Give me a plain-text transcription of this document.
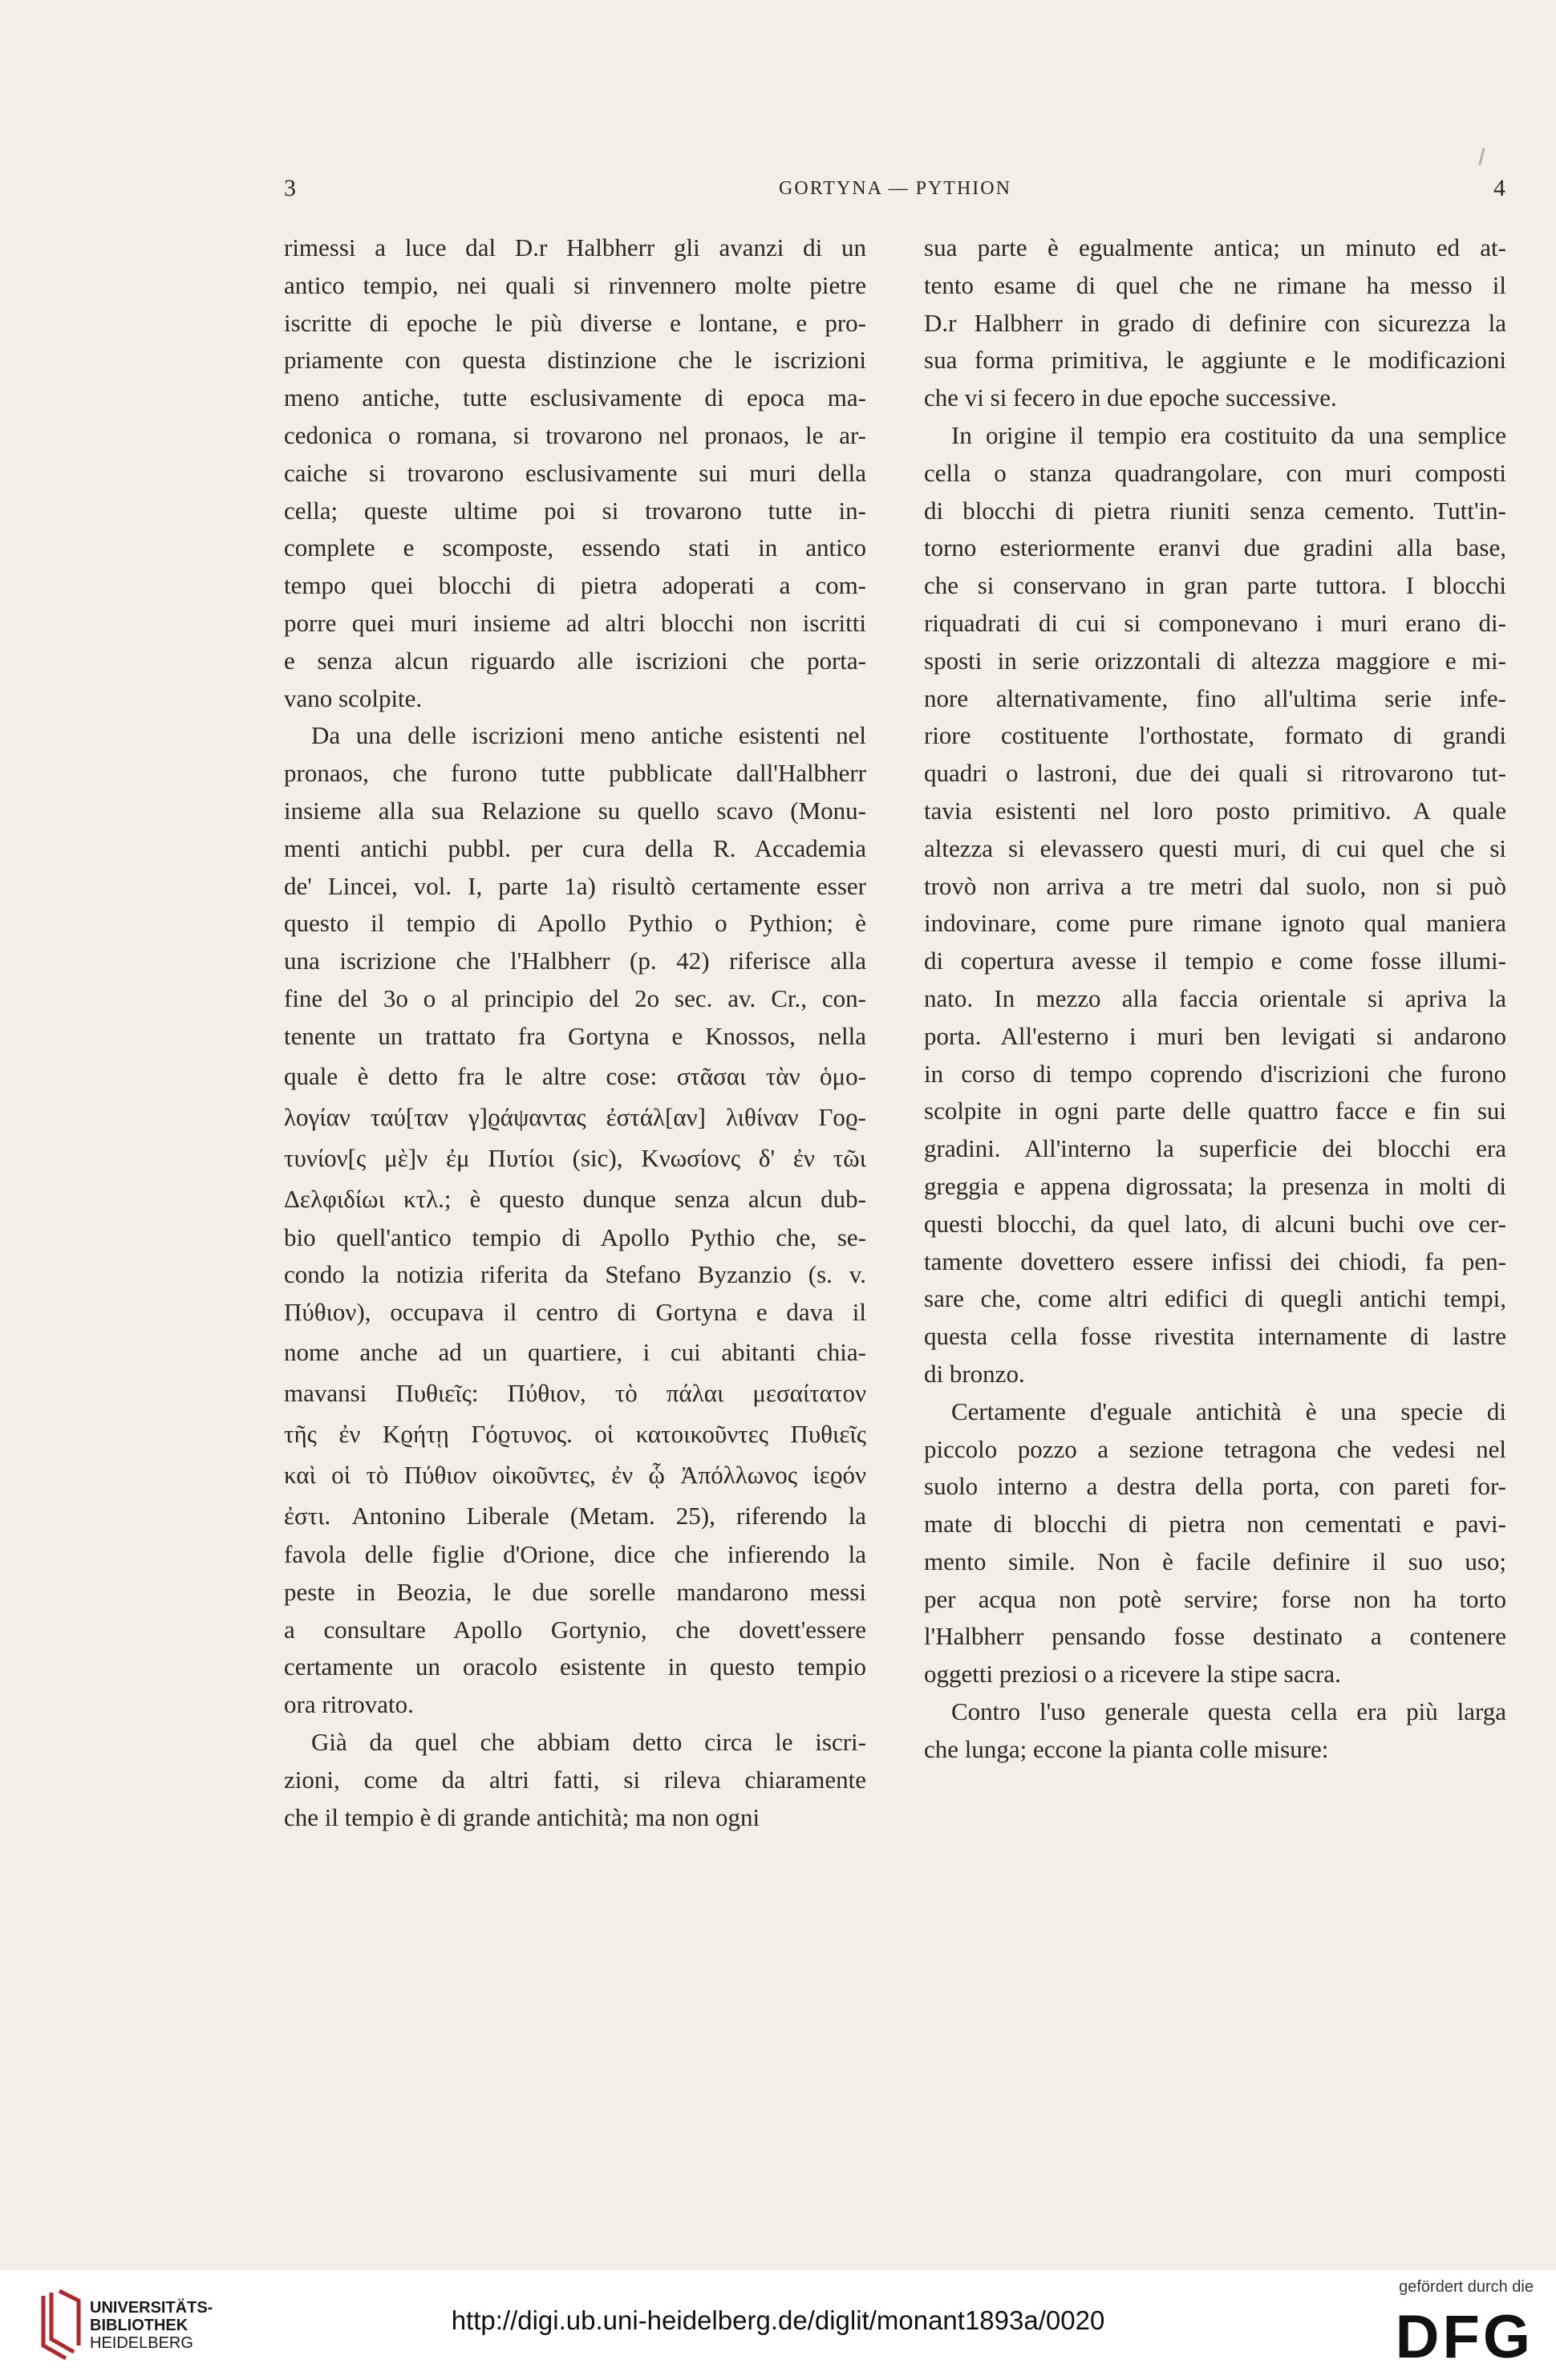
3	GORTYNA — PYTHION	4
rimessi a luce dal D.r Halbherr gli avanzi di un
antico tempio, nei quali si rinvennero molte pietre
iscritte di epoche le più diverse e lontane, e pro-
priamente con questa distinzione che le iscrizioni
meno antiche, tutte esclusivamente di epoca ma-
cedonica o romana, si trovarono nel pronaos, le ar-
caiche si trovarono esclusivamente sui muri della
cella; queste ultime poi si trovarono tutte in-
complete e scomposte, essendo stati in antico
tempo quei blocchi di pietra adoperati a com-
porre quei muri insieme ad altri blocchi non iscritti
e senza alcun riguardo alle iscrizioni che porta-
vano scolpite.
Da una delle iscrizioni meno antiche esistenti nel
pronaos, che furono tutte pubblicate dall'Halbherr
insieme alla sua Relazione su quello scavo (Monu-
menti antichi pubbl. per cura della R. Accademia
de' Lincei, vol. I, parte 1a) risultò certamente esser
questo il tempio di Apollo Pythio o Pythion; è
una iscrizione che l'Halbherr (p. 42) riferisce alla
fine del 3o o al principio del 2o sec. av. Cr., con-
tenente un trattato fra Gortyna e Knossos, nella
quale è detto fra le altre cose: στᾶσαι τὰν ὁμο-
λογίαν ταύ[ταν γ]ϱάψαντας ἐστάλ[αν] λιθίναν Γοϱ-
τυνίον[ς μὲ]ν ἐμ Πυτίοι (sic), Κνωσίονς δ' ἐν τῶι
Δελφιδίωι κτλ.; è questo dunque senza alcun dub-
bio quell'antico tempio di Apollo Pythio che, se-
condo la notizia riferita da Stefano Byzanzio (s. v.
Πύθιον), occupava il centro di Gortyna e dava il
nome anche ad un quartiere, i cui abitanti chia-
mavansi Πυθιεῖς: Πύθιον, τὸ πάλαι μεσαίτατον
τῆς ἐν Κϱήτῃ Γόϱτυνος. οἱ κατοικοῦντες Πυθιεῖς
καὶ οἱ τὸ Πύθιον οἰκοῦντες, ἐν ᾧ Ἀπόλλωνος ἱεϱόν
ἐστι. Antonino Liberale (Metam. 25), riferendo la
favola delle figlie d'Orione, dice che infierendo la
peste in Beozia, le due sorelle mandarono messi
a consultare Apollo Gortynio, che dovett'essere
certamente un oracolo esistente in questo tempio
ora ritrovato.
Già da quel che abbiam detto circa le iscri-
zioni, come da altri fatti, si rileva chiaramente
che il tempio è di grande antichità; ma non ogni
sua parte è egualmente antica; un minuto ed at-
tento esame di quel che ne rimane ha messo il
D.r Halbherr in grado di definire con sicurezza la
sua forma primitiva, le aggiunte e le modificazioni
che vi si fecero in due epoche successive.
In origine il tempio era costituito da una semplice
cella o stanza quadrangolare, con muri composti
di blocchi di pietra riuniti senza cemento. Tutt'in-
torno esteriormente eranvi due gradini alla base,
che si conservano in gran parte tuttora. I blocchi
riquadrati di cui si componevano i muri erano di-
sposti in serie orizzontali di altezza maggiore e mi-
nore alternativamente, fino all'ultima serie infe-
riore costituente l'orthostate, formato di grandi
quadri o lastroni, due dei quali si ritrovarono tut-
tavia esistenti nel loro posto primitivo. A quale
altezza si elevassero questi muri, di cui quel che si
trovò non arriva a tre metri dal suolo, non si può
indovinare, come pure rimane ignoto qual maniera
di copertura avesse il tempio e come fosse illumi-
nato. In mezzo alla faccia orientale si apriva la
porta. All'esterno i muri ben levigati si andarono
in corso di tempo coprendo d'iscrizioni che furono
scolpite in ogni parte delle quattro facce e fin sui
gradini. All'interno la superficie dei blocchi era
greggia e appena digrossata; la presenza in molti di
questi blocchi, da quel lato, di alcuni buchi ove cer-
tamente dovettero essere infissi dei chiodi, fa pen-
sare che, come altri edifici di quegli antichi tempi,
questa cella fosse rivestita internamente di lastre
di bronzo.
Certamente d'eguale antichità è una specie di
piccolo pozzo a sezione tetragona che vedesi nel
suolo interno a destra della porta, con pareti for-
mate di blocchi di pietra non cementati e pavi-
mento simile. Non è facile definire il suo uso;
per acqua non potè servire; forse non ha torto
l'Halbherr pensando fosse destinato a contenere
oggetti preziosi o a ricevere la stipe sacra.
Contro l'uso generale questa cella era più larga
che lunga; eccone la pianta colle misure:
UNIVERSITÄTS-
BIBLIOTHEK
HEIDELBERG
http://digi.ub.uni-heidelberg.de/diglit/monant1893a/0020
gefördert durch die
DFG
